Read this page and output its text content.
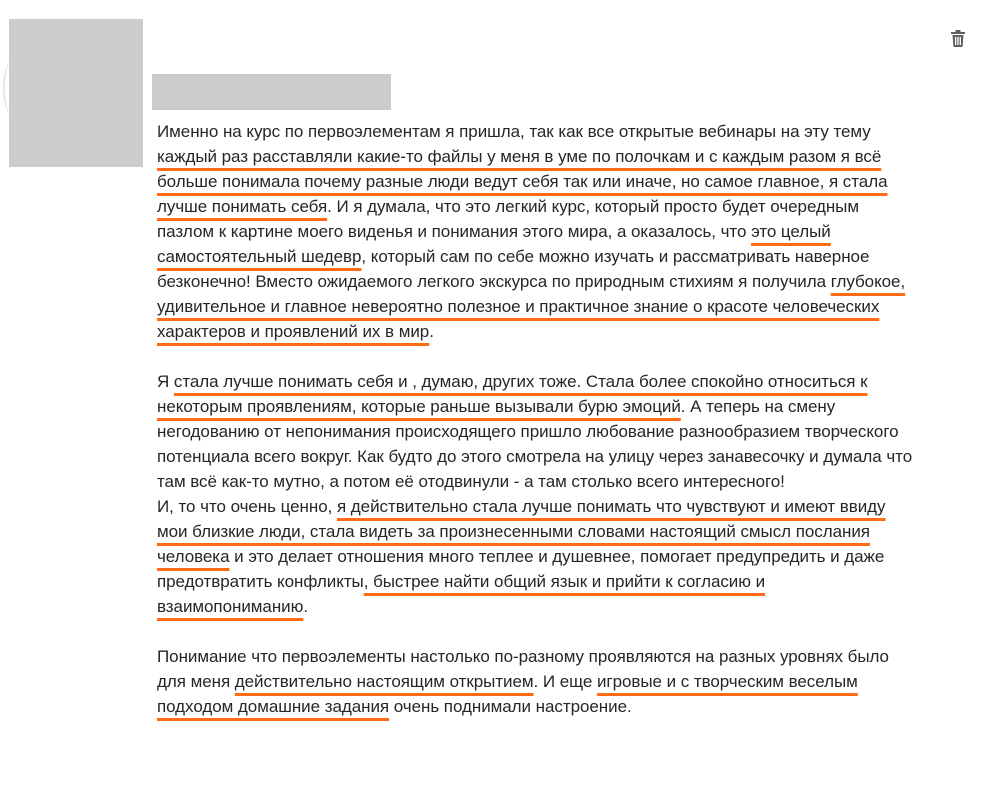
Именно на курс по первоэлементам я пришла, так как все открытые вебинары на эту тему каждый раз расставляли какие-то файлы у меня в уме по полочкам и с каждым разом я всё больше понимала почему разные люди ведут себя так или иначе, но самое главное, я стала лучше понимать себя. И я думала, что это легкий курс, который просто будет очередным пазлом к картине моего виденья и понимания этого мира, а оказалось, что это целый самостоятельный шедевр, который сам по себе можно изучать и рассматривать наверное безконечно! Вместо ожидаемого легкого экскурса по природным стихиям я получила глубокое, удивительное и главное невероятно полезное и практичное знание о красоте человеческих характеров и проявлений их в мир.

Я стала лучше понимать себя и , думаю, других тоже. Стала более спокойно относиться к некоторым проявлениям, которые раньше вызывали бурю эмоций. А теперь на смену негодованию от непонимания происходящего пришло любование разнообразием творческого потенциала всего вокруг. Как будто до этого смотрела на улицу через занавесочку и думала что там всё как-то мутно, а потом её отодвинули - а там столько всего интересного!

И, то что очень ценно, я действительно стала лучше понимать что чувствуют и имеют ввиду мои близкие люди, стала видеть за произнесенными словами настоящий смысл послания человека и это делает отношения много теплее и душевнее, помогает предупредить и даже предотвратить конфликты, быстрее найти общий язык и прийти к согласию и взаимопониманию.

Понимание что первоэлементы настолько по-разному проявляются на разных уровнях было для меня действительно настоящим открытием. И еще игровые и с творческим веселым подходом домашние задания очень поднимали настроение.
